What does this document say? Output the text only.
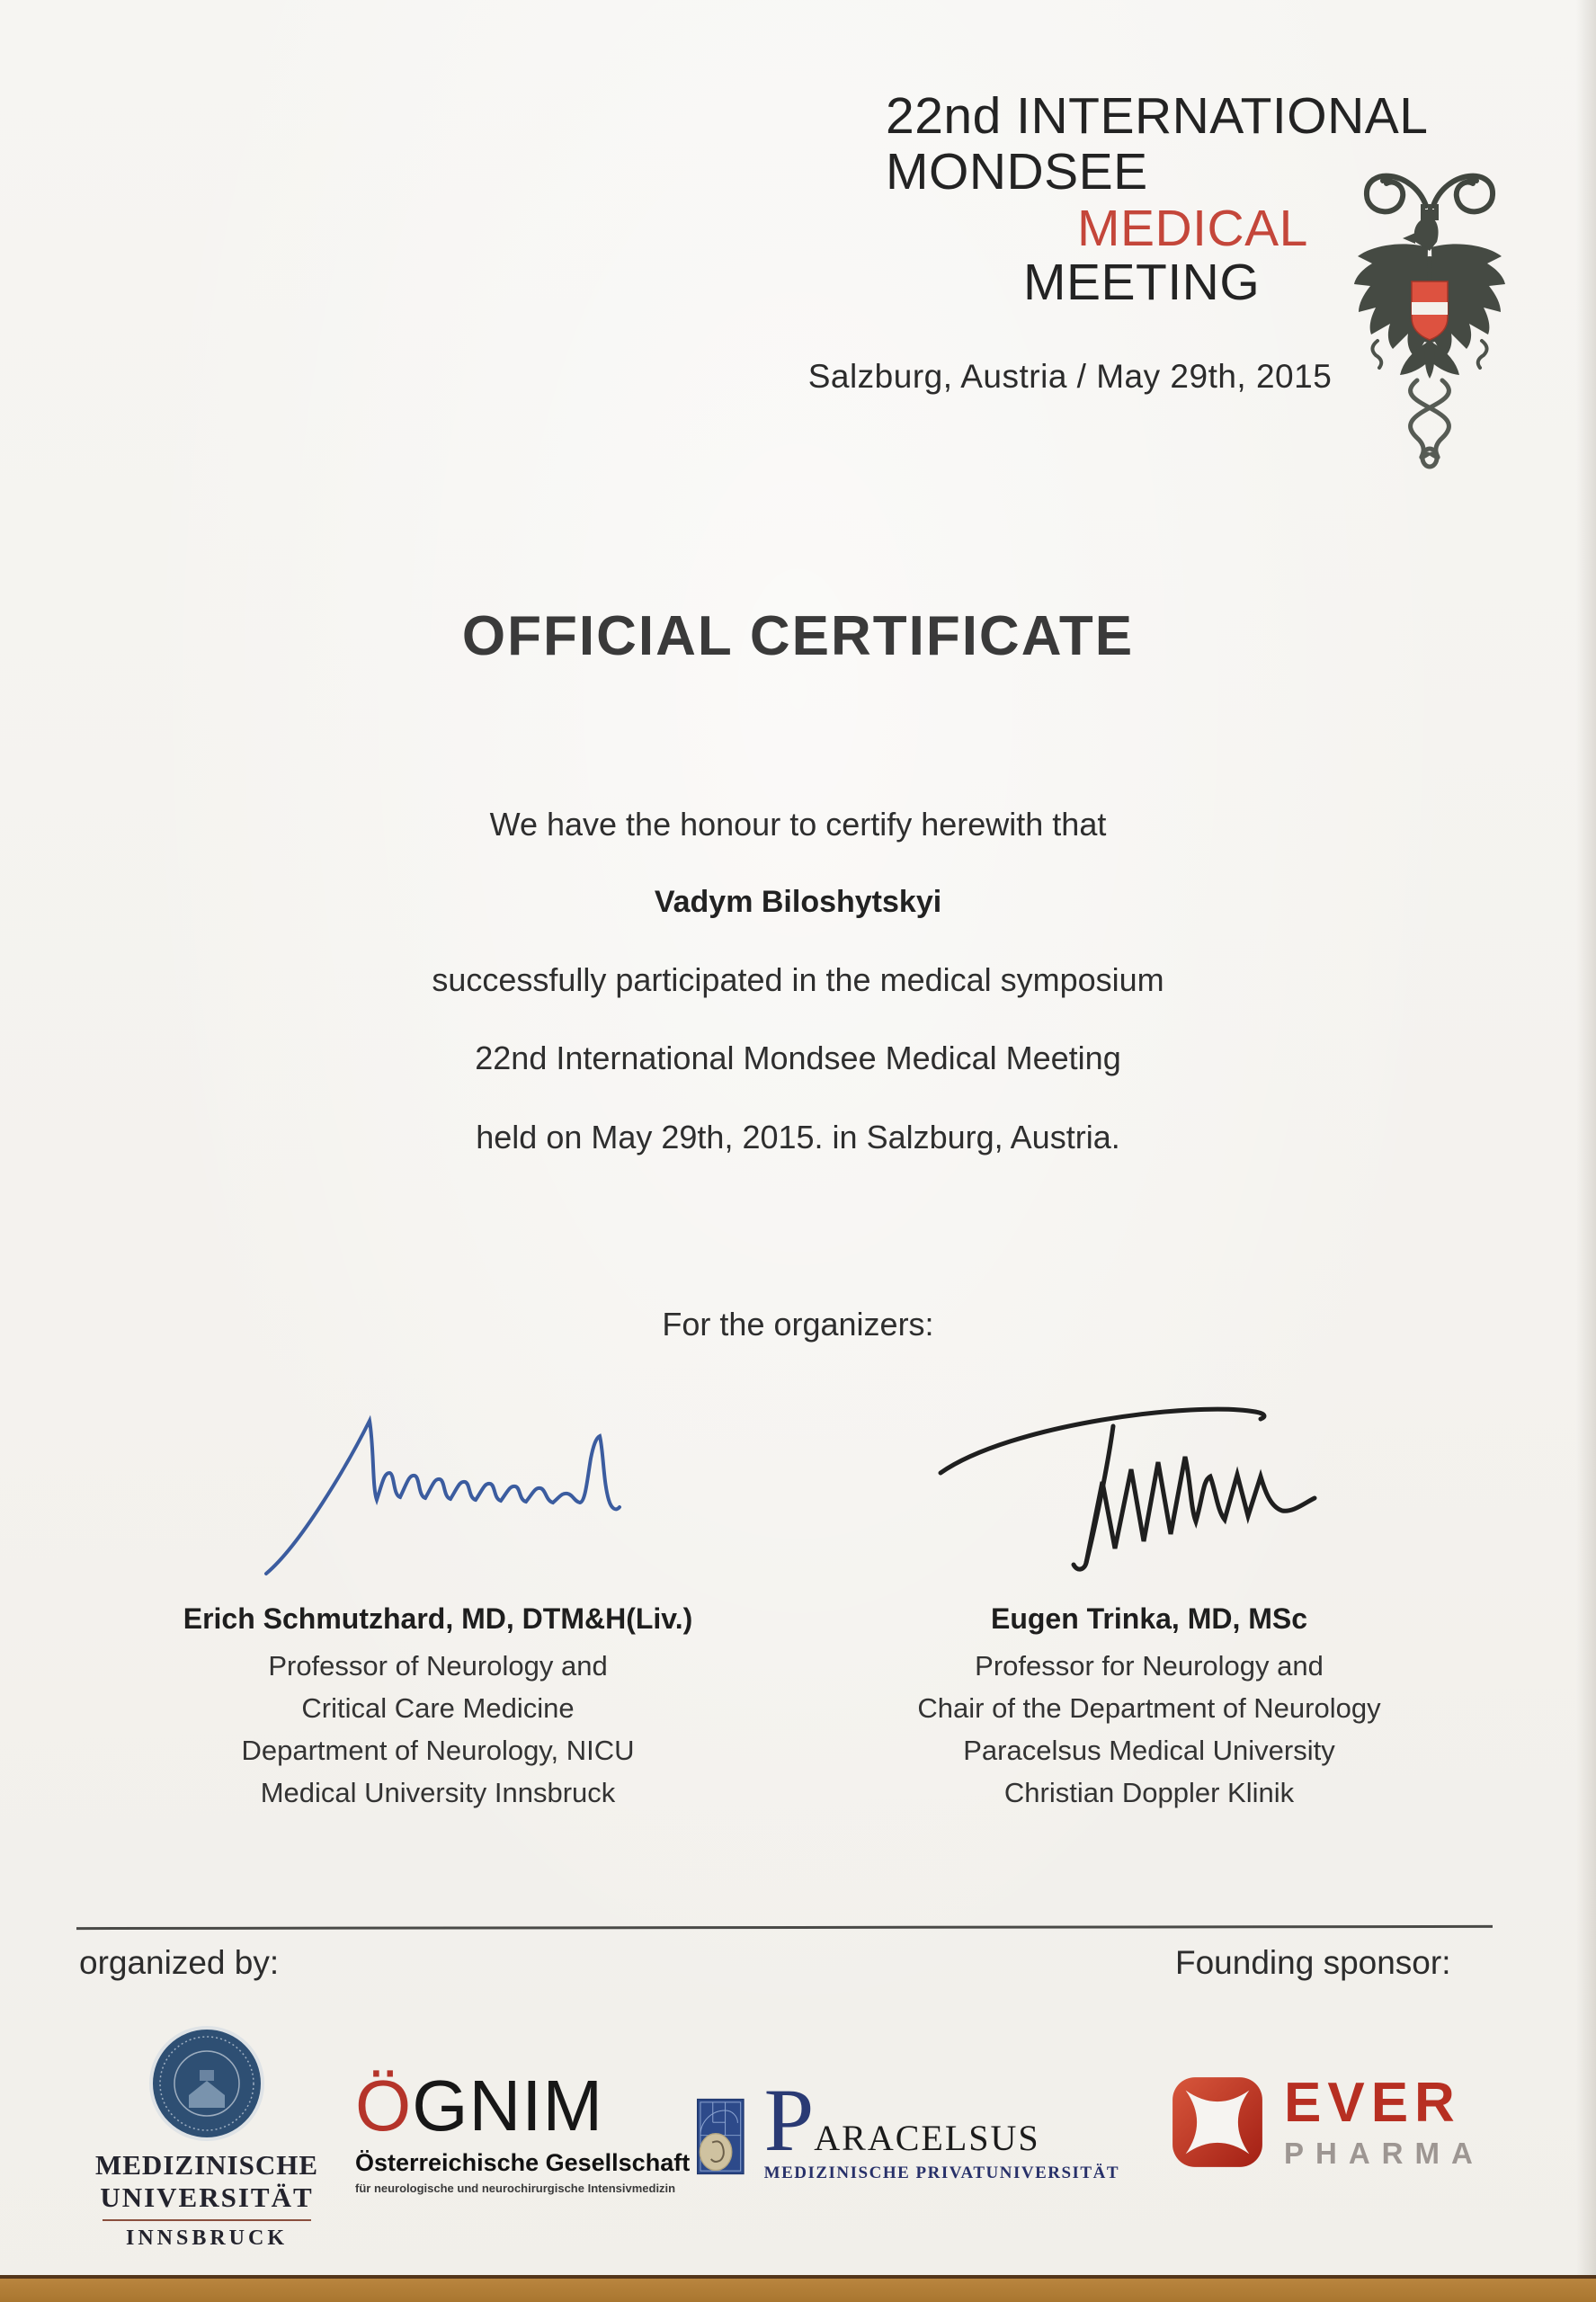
22nd INTERNATIONAL
MONDSEE
MEDICAL
MEETING
Salzburg, Austria / May 29th, 2015
OFFICIAL CERTIFICATE
We have the honour to certify herewith that
Vadym Biloshytskyi
successfully participated in the medical symposium
22nd International Mondsee Medical Meeting
held on May 29th, 2015. in Salzburg, Austria.
For the organizers:
Erich Schmutzhard, MD, DTM&H(Liv.)
Professor of Neurology and
Critical Care Medicine
Department of Neurology, NICU
Medical University Innsbruck
Eugen Trinka, MD, MSc
Professor for Neurology and
Chair of the Department of Neurology
Paracelsus Medical University
Christian Doppler Klinik
organized by:	Founding sponsor:
MEDIZINISCHE
UNIVERSITÄT
INNSBRUCK
ÖGNIM
Österreichische Gesellschaft
für neurologische und neurochirurgische Intensivmedizin
PARACELSUS
MEDIZINISCHE PRIVATUNIVERSITÄT
EVER
PHARMA
